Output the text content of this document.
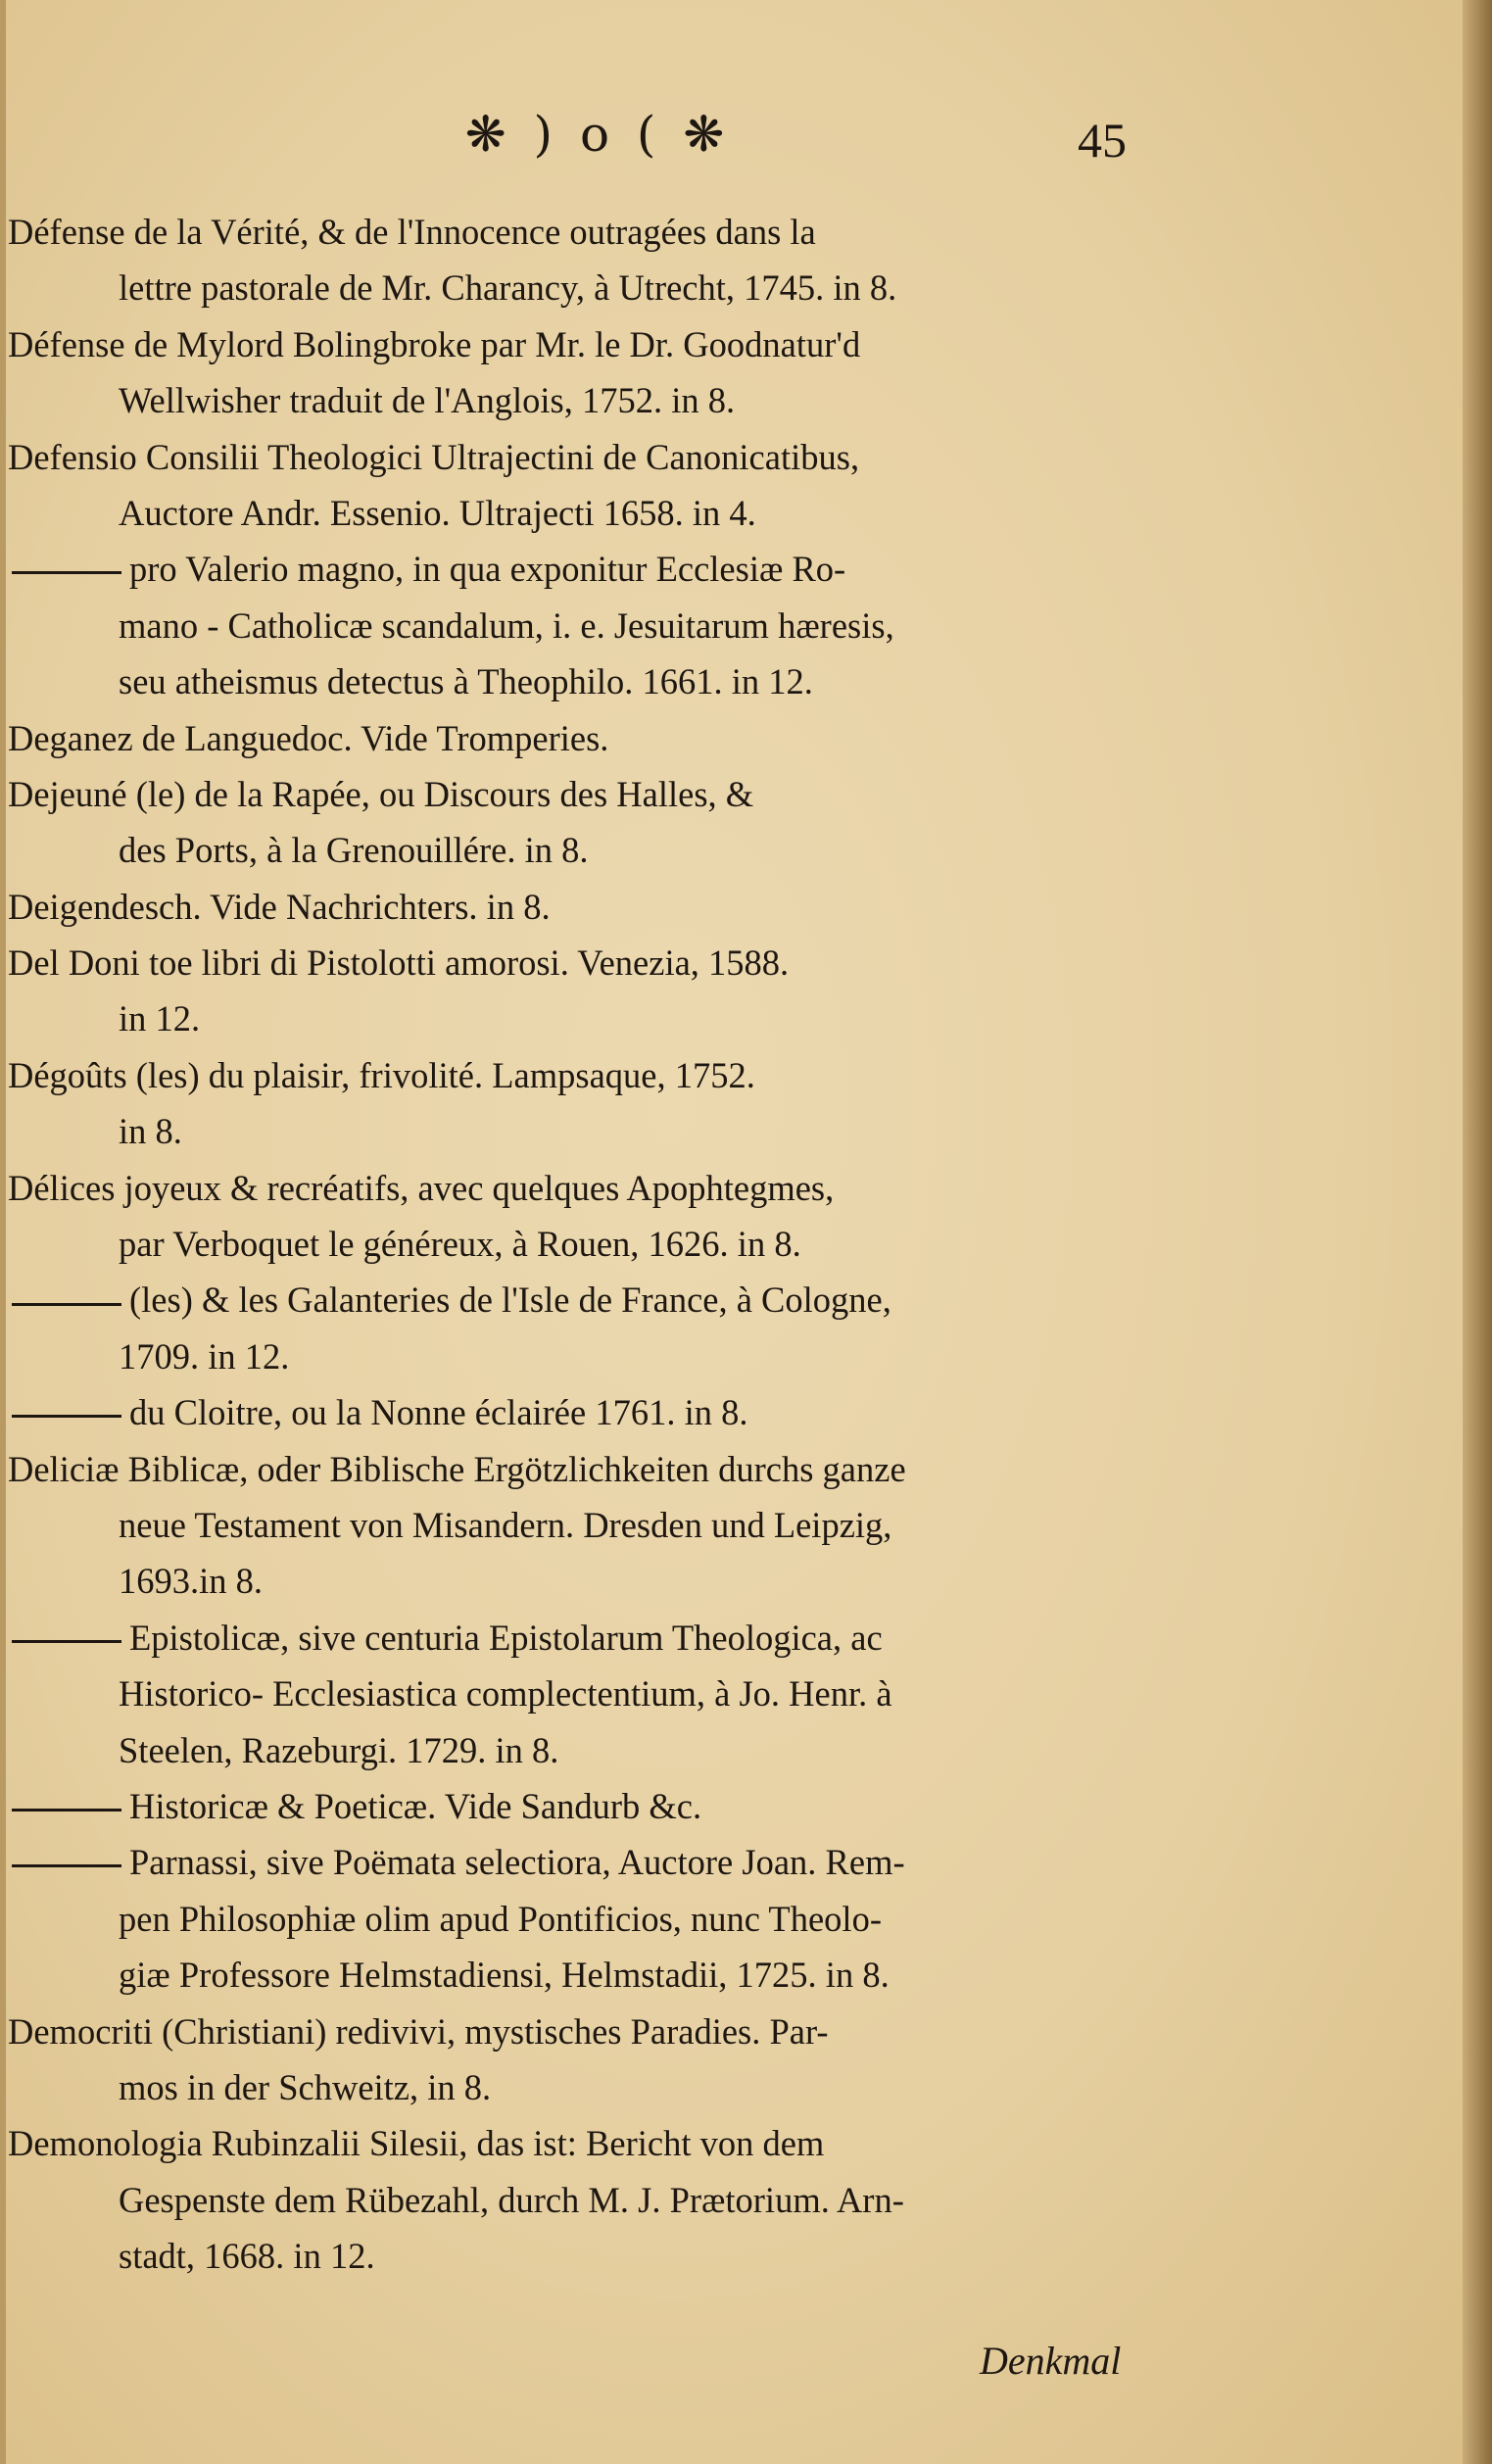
❋ ) o ( ❋	45
Défense de la Vérité, & de l'Innocence outragées dans la
lettre pastorale de Mr. Charancy, à Utrecht, 1745. in 8.
Défense de Mylord Bolingbroke par Mr. le Dr. Goodnatur'd
Wellwisher traduit de l'Anglois, 1752. in 8.
Defensio Consilii Theologici Ultrajectini de Canonicatibus,
Auctore Andr. Essenio. Ultrajecti 1658. in 4.
pro Valerio magno, in qua exponitur Ecclesiæ Ro-
mano - Catholicæ scandalum, i. e. Jesuitarum hæresis,
seu atheismus detectus à Theophilo. 1661. in 12.
Deganez de Languedoc. Vide Tromperies.
Dejeuné (le) de la Rapée, ou Discours des Halles, &
des Ports, à la Grenouillére. in 8.
Deigendesch. Vide Nachrichters. in 8.
Del Doni toe libri di Pistolotti amorosi. Venezia, 1588.
in 12.
Dégoûts (les) du plaisir, frivolité. Lampsaque, 1752.
in 8.
Délices joyeux & recréatifs, avec quelques Apophtegmes,
par Verboquet le généreux, à Rouen, 1626. in 8.
(les) & les Galanteries de l'Isle de France, à Cologne,
1709. in 12.
du Cloitre, ou la Nonne éclairée 1761. in 8.
Deliciæ Biblicæ, oder Biblische Ergötzlichkeiten durchs ganze
neue Testament von Misandern. Dresden und Leipzig,
1693.in 8.
Epistolicæ, sive centuria Epistolarum Theologica, ac
Historico- Ecclesiastica complectentium, à Jo. Henr. à
Steelen, Razeburgi. 1729. in 8.
Historicæ & Poeticæ. Vide Sandurb &c.
Parnassi, sive Poëmata selectiora, Auctore Joan. Rem-
pen Philosophiæ olim apud Pontificios, nunc Theolo-
giæ Professore Helmstadiensi, Helmstadii, 1725. in 8.
Democriti (Christiani) redivivi, mystisches Paradies. Par-
mos in der Schweitz, in 8.
Demonologia Rubinzalii Silesii, das ist: Bericht von dem
Gespenste dem Rübezahl, durch M. J. Prætorium. Arn-
stadt, 1668. in 12.
Denkmal
